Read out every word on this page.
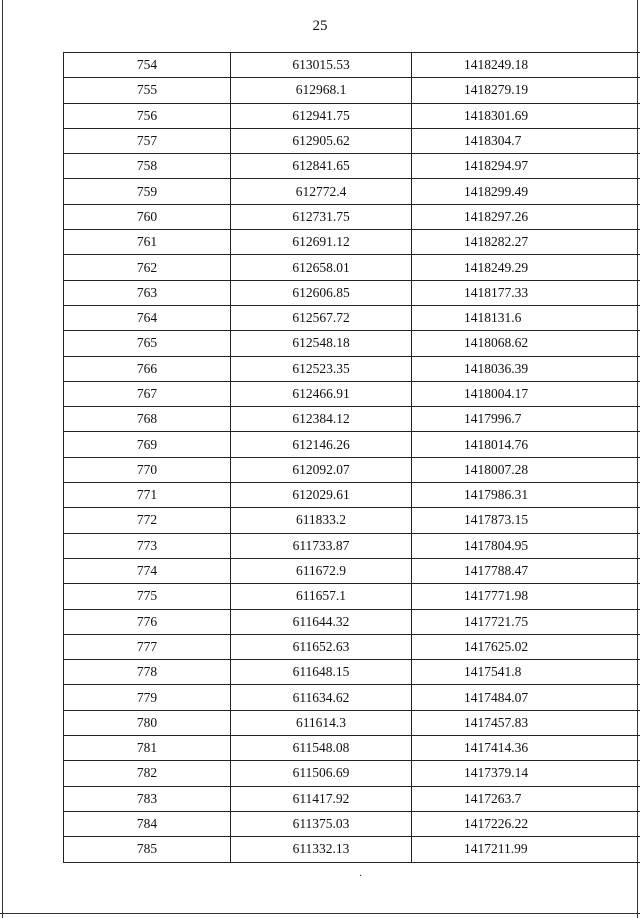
25
754	613015.53	1418249.18
755	612968.1	1418279.19
756	612941.75	1418301.69
757	612905.62	1418304.7
758	612841.65	1418294.97
759	612772.4	1418299.49
760	612731.75	1418297.26
761	612691.12	1418282.27
762	612658.01	1418249.29
763	612606.85	1418177.33
764	612567.72	1418131.6
765	612548.18	1418068.62
766	612523.35	1418036.39
767	612466.91	1418004.17
768	612384.12	1417996.7
769	612146.26	1418014.76
770	612092.07	1418007.28
771	612029.61	1417986.31
772	611833.2	1417873.15
773	611733.87	1417804.95
774	611672.9	1417788.47
775	611657.1	1417771.98
776	611644.32	1417721.75
777	611652.63	1417625.02
778	611648.15	1417541.8
779	611634.62	1417484.07
780	611614.3	1417457.83
781	611548.08	1417414.36
782	611506.69	1417379.14
783	611417.92	1417263.7
784	611375.03	1417226.22
785	611332.13	1417211.99
·
